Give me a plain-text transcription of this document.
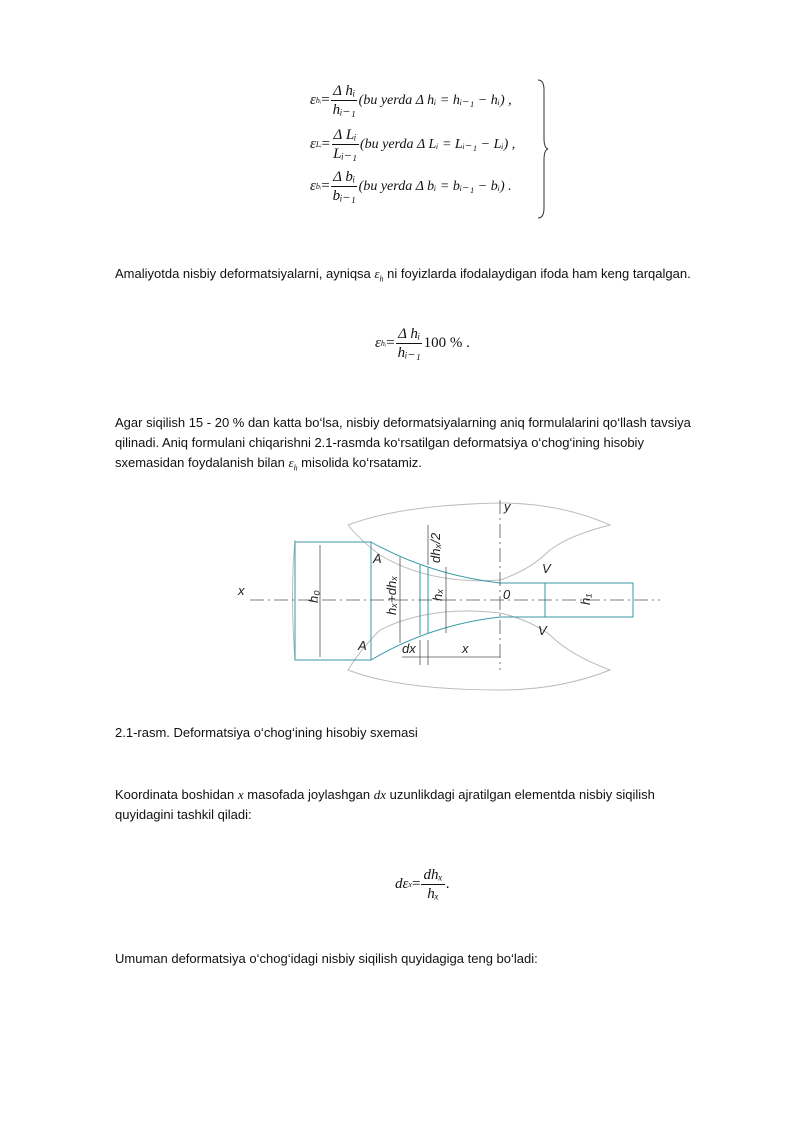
ε hᵢ = $\frac{\text{Δ hᵢ}}{\text{hᵢ₋₁}} (bu$ yerda Δ hᵢ = hᵢ₋₁ − hᵢ) ,
ε Lᵢ = $\frac{\text{Δ Lᵢ}}{\text{Lᵢ₋₁}} (bu$ yerda Δ Lᵢ = Lᵢ₋₁ − Lᵢ) ,
ε bᵢ = $\frac{\text{Δ bᵢ}}{\text{bᵢ₋₁}} (bu$ yerda Δ bᵢ = bᵢ₋₁ − bᵢ) .
Amaliyotda nisbiy deformatsiyalarni, ayniqsa $\varepsilon_h$ ni foyizlarda ifodalaydigan ifoda ham keng tarqalgan.
ε hᵢ = $\frac{\text{Δ hᵢ}}{\text{hᵢ₋₁}} 100$ % .
Agar siqilish 15 - 20 % dan katta bo‘lsa, nisbiy deformatsiyalarning aniq formulalarini qo‘llash tavsiya qilinadi. Aniq formulani chiqarishni 2.1-rasmda ko‘rsatilgan deformatsiya o‘chog‘ining hisobiy sxemasidan foydalanish bilan $\varepsilon_h$ misolida ko‘rsatamiz.
y
x
A
A
V
V
0
dx	x
h₀	hₓ+dhₓ hₓ
dhₓ/2
h₁
2.1-rasm. Deformatsiya o‘chog‘ining hisobiy sxemasi
Koordinata boshidan x masofada joylashgan dx uzunlikdagi ajratilgan elementda nisbiy siqilish quyidagini tashkil qiladi:
dε $x = \frac{\text{dhₓ}}{\text{hₓ}}$ .
Umuman deformatsiya o‘chog‘idagi nisbiy siqilish quyidagiga teng bo‘ladi:
